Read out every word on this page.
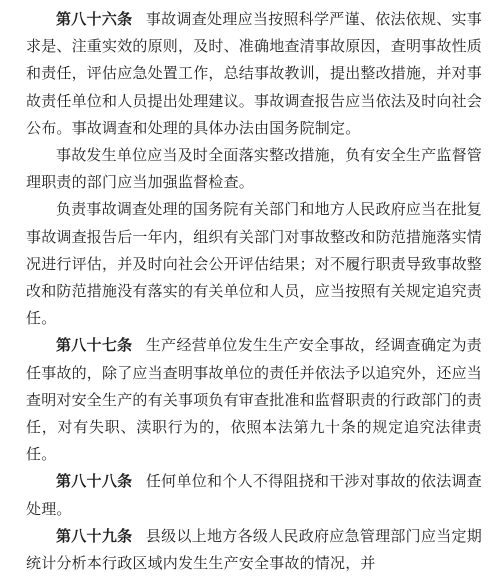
第八十六条 事故调查处理应当按照科学严谨、依法依规、实事求是、注重实效的原则，及时、准确地查清事故原因，查明事故性质和责任，评估应急处置工作，总结事故教训，提出整改措施，并对事故责任单位和人员提出处理建议。事故调查报告应当依法及时向社会公布。事故调查和处理的具体办法由国务院制定。

事故发生单位应当及时全面落实整改措施，负有安全生产监督管理职责的部门应当加强监督检查。

负责事故调查处理的国务院有关部门和地方人民政府应当在批复事故调查报告后一年内，组织有关部门对事故整改和防范措施落实情况进行评估，并及时向社会公开评估结果；对不履行职责导致事故整改和防范措施没有落实的有关单位和人员，应当按照有关规定追究责任。

第八十七条 生产经营单位发生生产安全事故，经调查确定为责任事故的，除了应当查明事故单位的责任并依法予以追究外，还应当查明对安全生产的有关事项负有审查批准和监督职责的行政部门的责任，对有失职、渎职行为的，依照本法第九十条的规定追究法律责任。

第八十八条 任何单位和个人不得阻挠和干涉对事故的依法调查处理。

第八十九条 县级以上地方各级人民政府应急管理部门应当定期统计分析本行政区域内发生生产安全事故的情况，并
